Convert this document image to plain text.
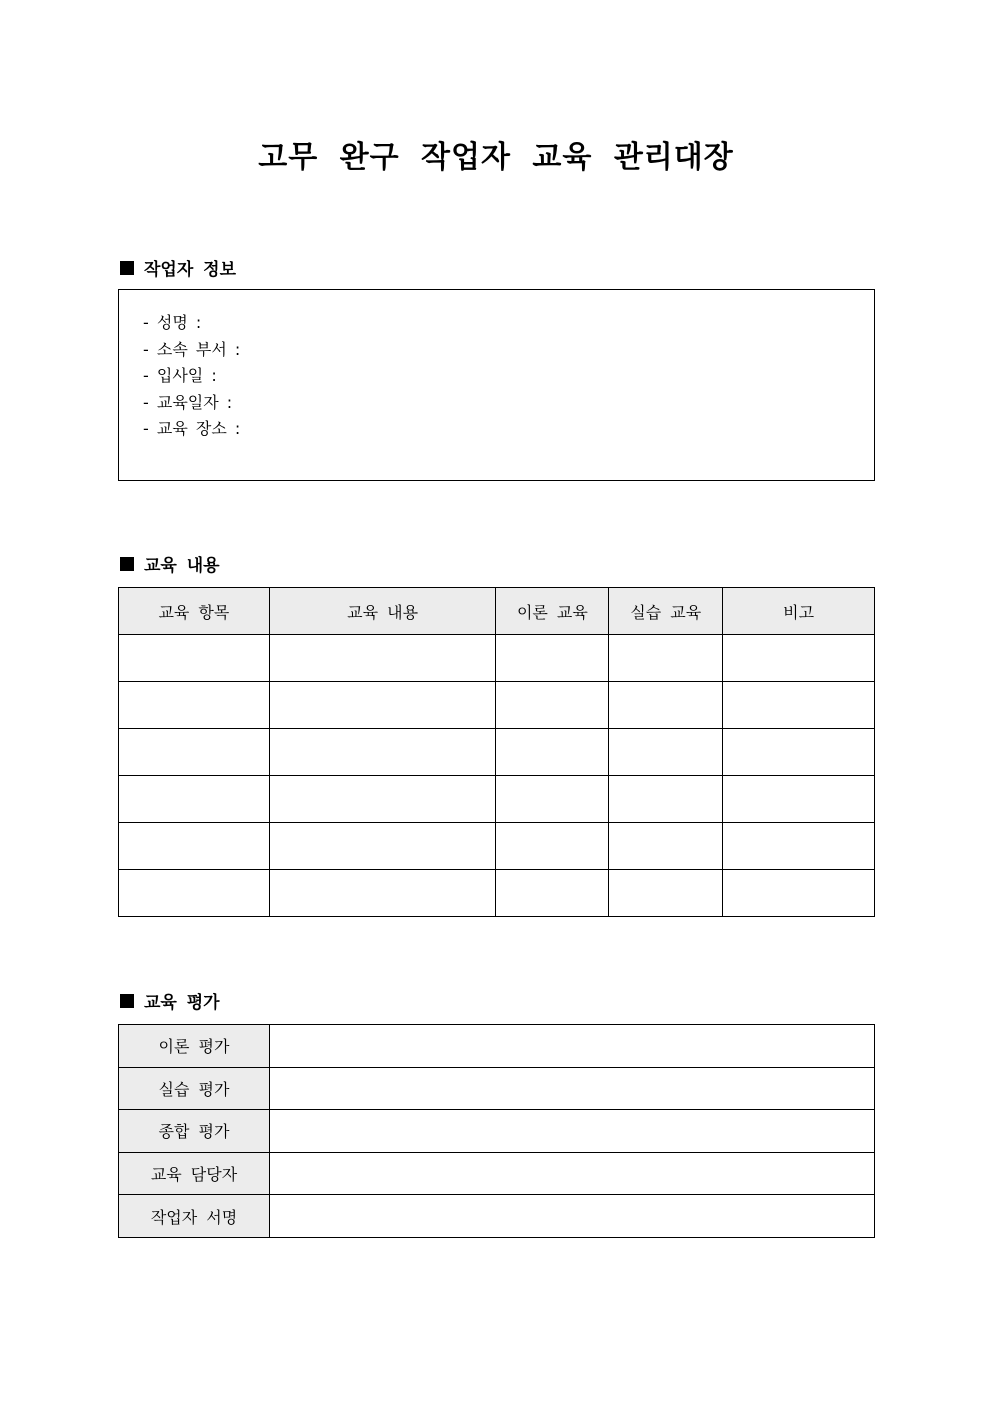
고무 완구 작업자 교육 관리대장
작업자 정보
- 성명 :
- 소속 부서 :
- 입사일 :
- 교육일자 :
- 교육 장소 :
교육 내용
교육 항목	교육 내용	이론 교육	실습 교육	비고

교육 평가
이론 평가	
실습 평가	
종합 평가	
교육 담당자	
작업자 서명	
